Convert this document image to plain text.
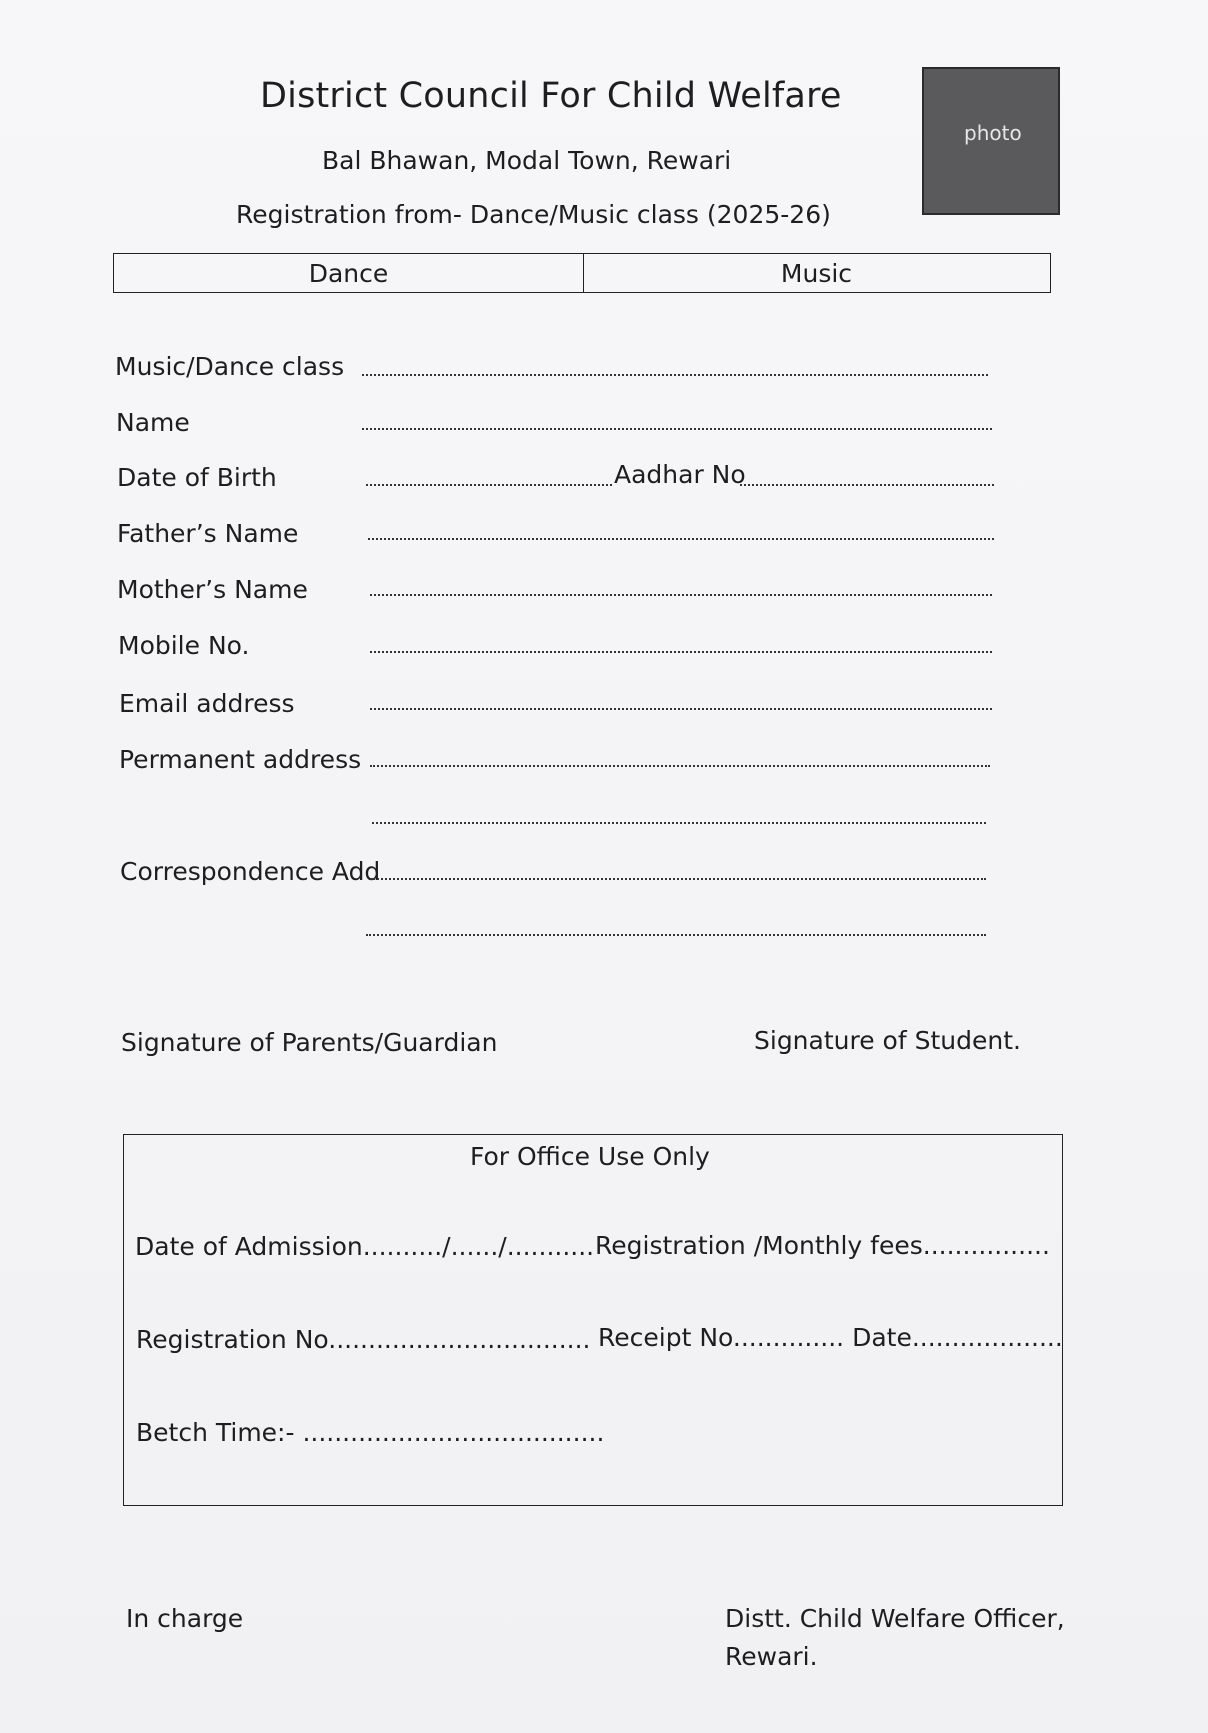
District Council For Child Welfare
Bal Bhawan, Modal Town, Rewari
Registration from- Dance/Music class (2025-26)
photo
Dance	Music
Music/Dance class
Name
Date of Birth	Aadhar No
Father’s Name
Mother’s Name
Mobile No.
Email address
Permanent address
Correspondence Add
Signature of Parents/Guardian	Signature of Student.
For Office Use Only
Date of Admission........../....../........... Registration /Monthly fees................
Registration No................................. Receipt No.............. Date...................
Betch Time:- ......................................
In charge	Distt. Child Welfare Officer,
Rewari.
